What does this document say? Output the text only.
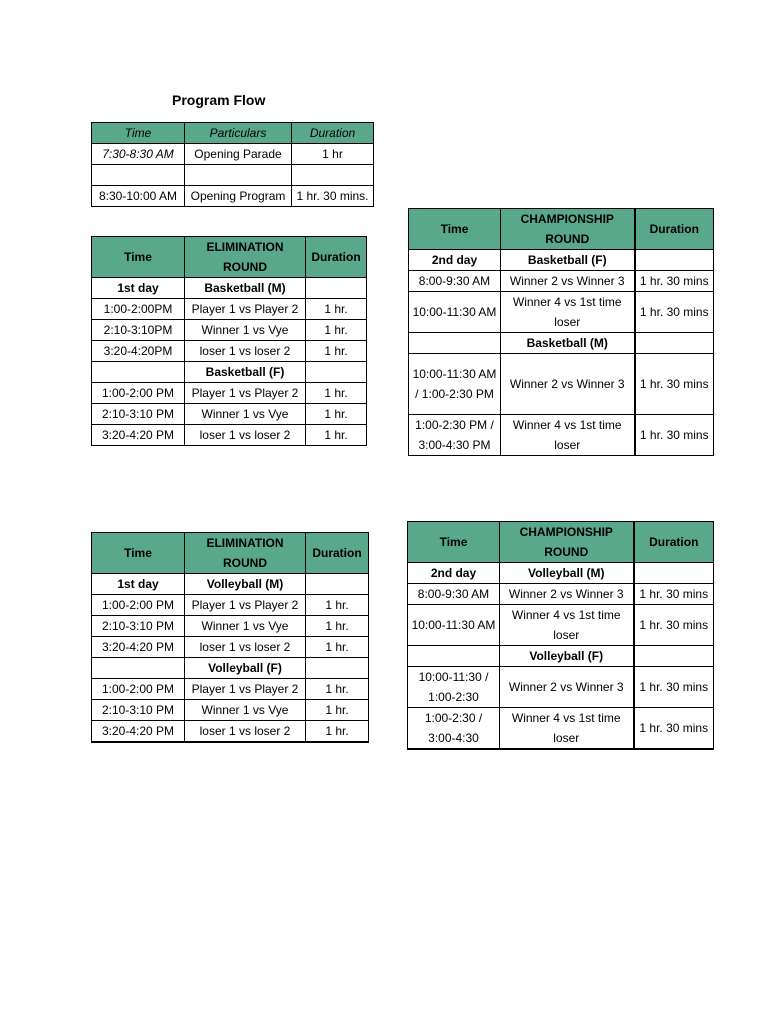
Program Flow
Time	Particulars	Duration
7:30-8:30 AM	Opening Parade	1 hr

8:30-10:00 AM	Opening Program	1 hr. 30 mins.
Time	ELIMINATION ROUND	Duration
1st day	Basketball (M)	
1:00-2:00PM	Player 1 vs Player 2	1 hr.
2:10-3:10PM	Winner 1 vs Vye	1 hr.
3:20-4:20PM	loser 1 vs loser 2	1 hr.
	Basketball (F)	
1:00-2:00 PM	Player 1 vs Player 2	1 hr.
2:10-3:10 PM	Winner 1 vs Vye	1 hr.
3:20-4:20 PM	loser 1 vs loser 2	1 hr.
Time	CHAMPIONSHIP ROUND	Duration
2nd day	Basketball (F)	
8:00-9:30 AM	Winner 2 vs Winner 3	1 hr. 30 mins
10:00-11:30 AM	Winner 4 vs 1st time loser	1 hr. 30 mins
	Basketball (M)	
10:00-11:30 AM / 1:00-2:30 PM	Winner 2 vs Winner 3	1 hr. 30 mins
1:00-2:30 PM / 3:00-4:30 PM	Winner 4 vs 1st time loser	1 hr. 30 mins
Time	ELIMINATION ROUND	Duration
1st day	Volleyball (M)	
1:00-2:00 PM	Player 1 vs Player 2	1 hr.
2:10-3:10 PM	Winner 1 vs Vye	1 hr.
3:20-4:20 PM	loser 1 vs loser 2	1 hr.
	Volleyball (F)	
1:00-2:00 PM	Player 1 vs Player 2	1 hr.
2:10-3:10 PM	Winner 1 vs Vye	1 hr.
3:20-4:20 PM	loser 1 vs loser 2	1 hr.
Time	CHAMPIONSHIP ROUND	Duration
2nd day	Volleyball (M)	
8:00-9:30 AM	Winner 2 vs Winner 3	1 hr. 30 mins
10:00-11:30 AM	Winner 4 vs 1st time loser	1 hr. 30 mins
	Volleyball (F)	
10:00-11:30 / 1:00-2:30	Winner 2 vs Winner 3	1 hr. 30 mins
1:00-2:30 / 3:00-4:30	Winner 4 vs 1st time loser	1 hr. 30 mins
